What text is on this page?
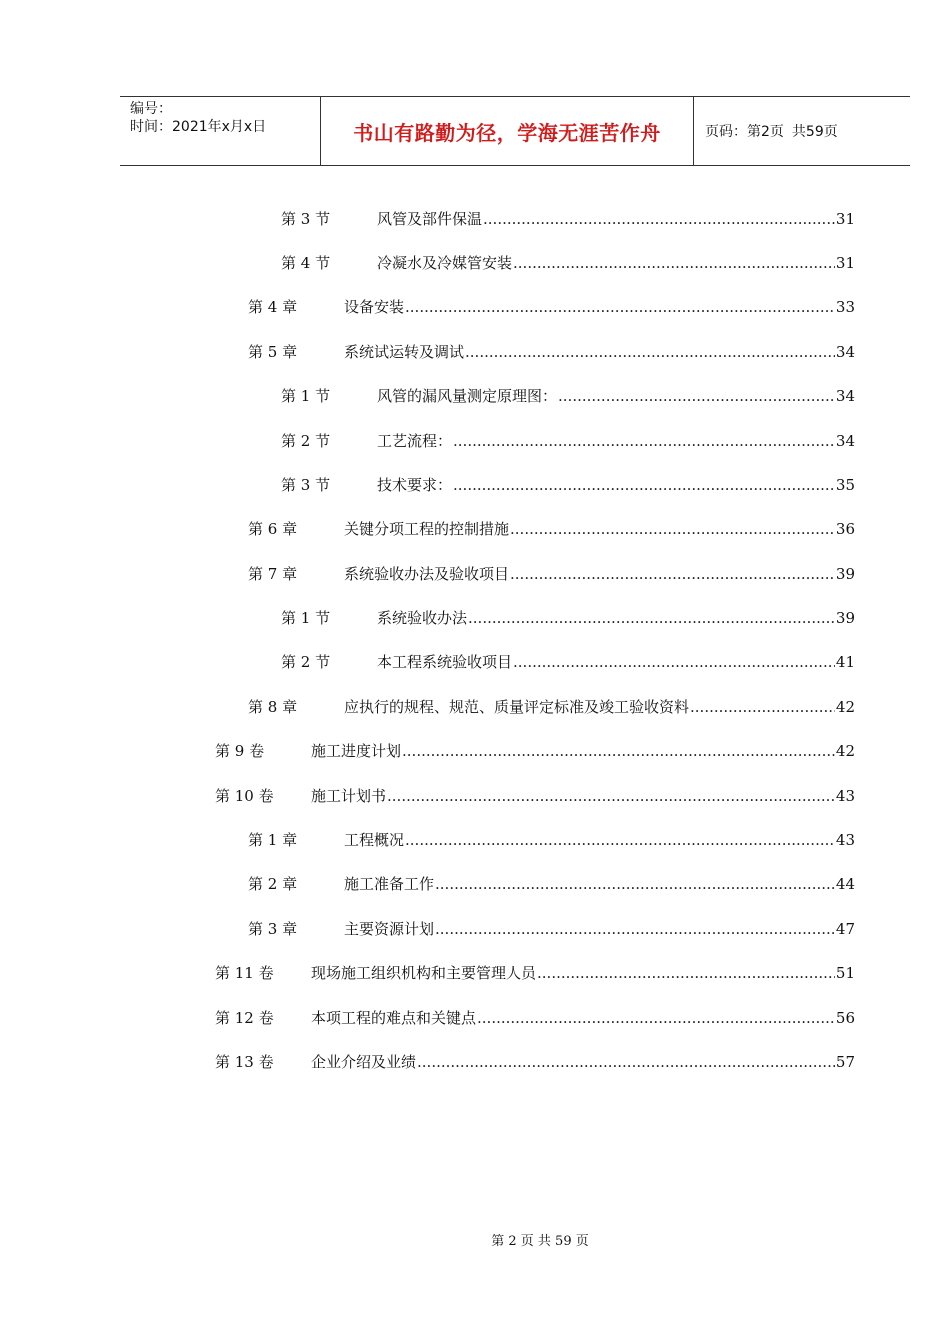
编号：
时间：2021年x月x日	书山有路勤为径，学海无涯苦作舟	页码：第2页 共59页
第 3 节	风管及部件保温 .....	31
第 4 节	冷凝水及冷媒管安装 .....	31
第 4 章	设备安装 .....	33
第 5 章	系统试运转及调试 .....	34
第 1 节	风管的漏风量测定原理图： .....	34
第 2 节	工艺流程： .....	34
第 3 节	技术要求： .....	35
第 6 章	关键分项工程的控制措施 .....	36
第 7 章	系统验收办法及验收项目 .....	39
第 1 节	系统验收办法 .....	39
第 2 节	本工程系统验收项目 .....	41
第 8 章	应执行的规程、规范、质量评定标准及竣工验收资料 .....	42
第 9 卷	施工进度计划 .....	42
第 10 卷	施工计划书 .....	43
第 1 章	工程概况 .....	43
第 2 章	施工准备工作 .....	44
第 3 章	主要资源计划 .....	47
第 11 卷	现场施工组织机构和主要管理人员 .....	51
第 12 卷	本项工程的难点和关键点 .....	56
第 13 卷	企业介绍及业绩 .....	57
第 2 页 共 59 页
